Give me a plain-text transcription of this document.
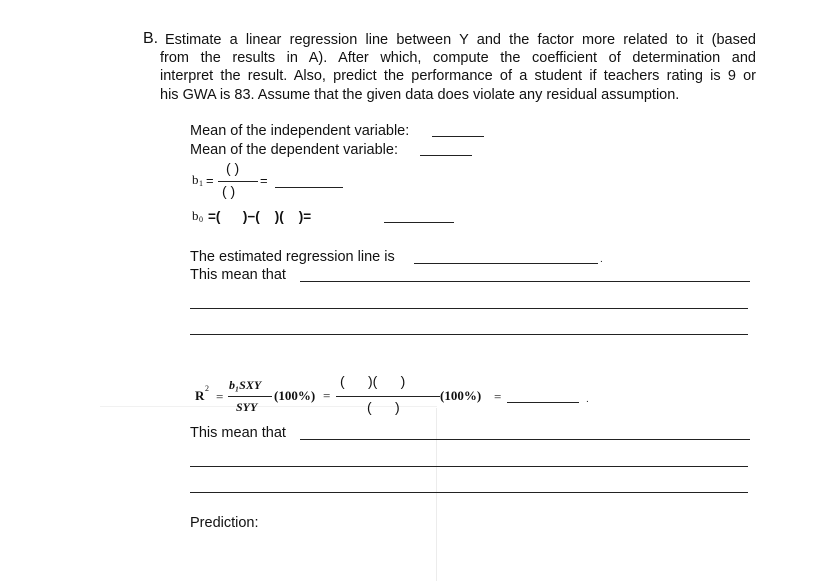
B. Estimate a linear regression line between Y and the factor more related to it (based
from the results in A). After which, compute the coefficient of determination and
interpret the result. Also, predict the performance of a student if teachers rating is 9 or
his GWA is 83. Assume that the given data does violate any residual assumption.
Mean of the independent variable:
Mean of the dependent variable:
b 1 =
( )
( )
=
b 0 =(      )−(    )(    )=
The estimated regression line is	.
This mean that
R 2
=
b₁SXY
SYY
(100%) =
(      )(      )
(      )
(100%) =	.
This mean that
Prediction:
